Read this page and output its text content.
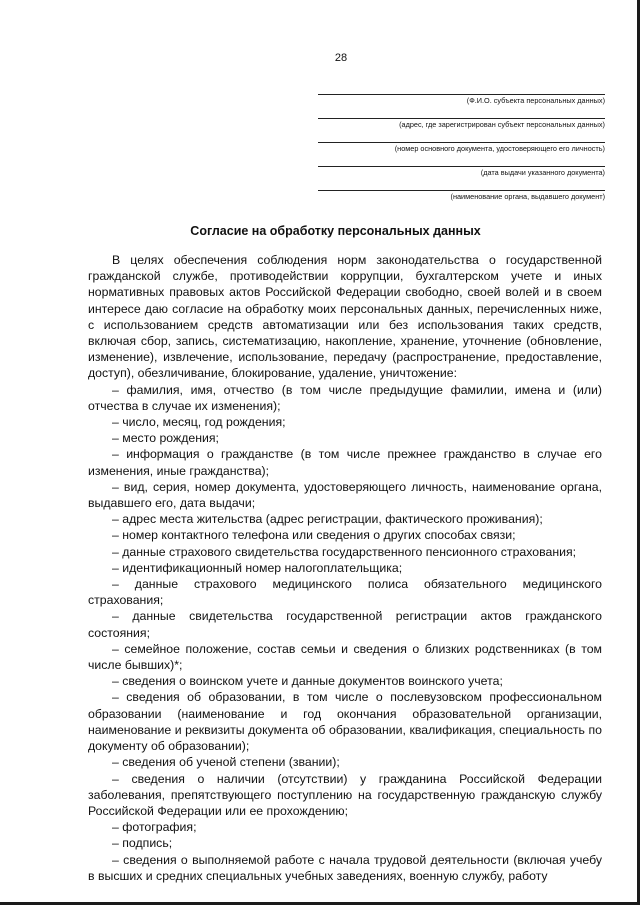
28
(Ф.И.О. субъекта персональных данных)
(адрес, где зарегистрирован субъект персональных данных)
(номер основного документа, удостоверяющего его личность)
(дата выдачи указанного документа)
(наименование органа, выдавшего документ)
Согласие на обработку персональных данных

В целях обеспечения соблюдения норм законодательства о государственной гражданской службе, противодействии коррупции, бухгалтерском учете и иных нормативных правовых актов Российской Федерации свободно, своей волей и в своем интересе даю согласие на обработку моих персональных данных, перечисленных ниже, с использованием средств автоматизации или без использования таких средств, включая сбор, запись, систематизацию, накопление, хранение, уточнение (обновление, изменение), извлечение, использование, передачу (распространение, предоставление, доступ), обезличивание, блокирование, удаление, уничтожение:

– фамилия, имя, отчество (в том числе предыдущие фамилии, имена и (или) отчества в случае их изменения);
– число, месяц, год рождения;
– место рождения;
– информация о гражданстве (в том числе прежнее гражданство в случае его изменения, иные гражданства);
– вид, серия, номер документа, удостоверяющего личность, наименование органа, выдавшего его, дата выдачи;
– адрес места жительства (адрес регистрации, фактического проживания);
– номер контактного телефона или сведения о других способах связи;
– данные страхового свидетельства государственного пенсионного страхования;
– идентификационный номер налогоплательщика;
– данные страхового медицинского полиса обязательного медицинского страхования;
– данные свидетельства государственной регистрации актов гражданского состояния;
– семейное положение, состав семьи и сведения о близких родственниках (в том числе бывших)*;
– сведения о воинском учете и данные документов воинского учета;
– сведения об образовании, в том числе о послевузовском профессиональном образовании (наименование и год окончания образовательной организации, наименование и реквизиты документа об образовании, квалификация, специальность по документу об образовании);
– сведения об ученой степени (звании);
– сведения о наличии (отсутствии) у гражданина Российской Федерации заболевания, препятствующего поступлению на государственную гражданскую службу Российской Федерации или ее прохождению;
– фотография;
– подпись;
– сведения о выполняемой работе с начала трудовой деятельности (включая учебу в высших и средних специальных учебных заведениях, военную службу, работу
